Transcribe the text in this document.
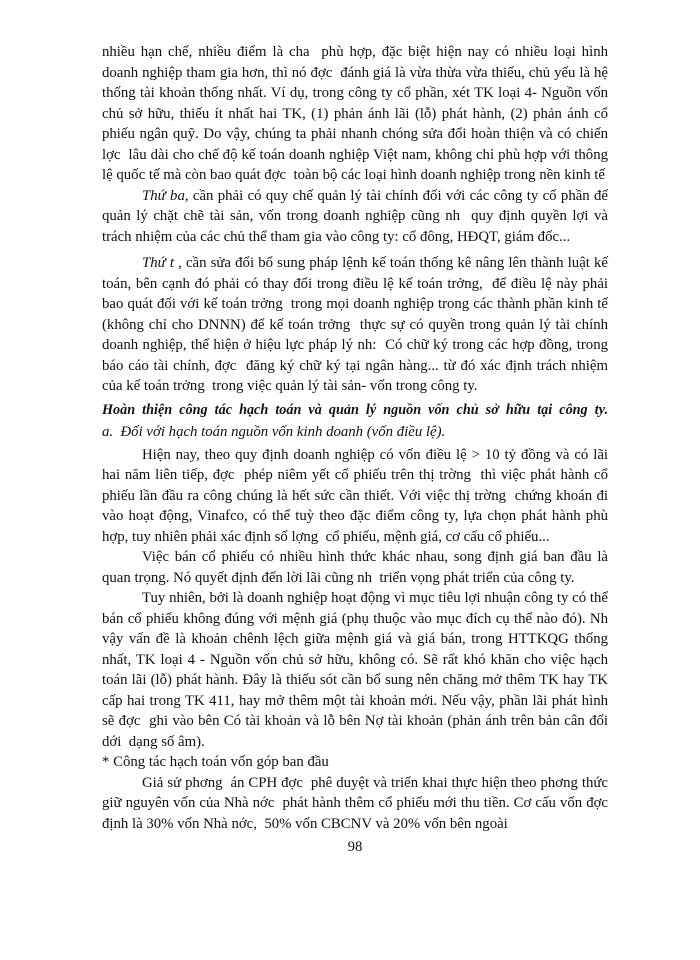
nhiều hạn chế, nhiều điểm là cha  phù hợp, đặc biệt hiện nay có nhiều loại hình doanh nghiệp tham gia hơn, thì nó đợc  đánh giá là vừa thừa vừa thiếu, chủ yếu là hệ thống tài khoản thống nhất. Ví dụ, trong công ty cổ phần, xét TK loại 4- Nguồn vốn chủ sở hữu, thiếu ít nhất hai TK, (1) phản ánh lãi (lỗ) phát hành, (2) phản ánh cổ phiếu ngân quỹ. Do vậy, chúng ta phải nhanh chóng sửa đổi hoàn thiện và có chiến lợc  lâu dài cho chế độ kế toán doanh nghiệp Việt nam, không chỉ phù hợp với thông lệ quốc tế mà còn bao quát đợc  toàn bộ các loại hình doanh nghiệp trong nền kinh tế

Thứ ba, cần phải có quy chế quản lý tài chính đối với các công ty cổ phần để quản lý chặt chẽ tài sản, vốn trong doanh nghiệp cũng nh  quy định quyền lợi và trách nhiệm của các chủ thể tham gia vào công ty: cổ đông, HĐQT, giám đốc...

Thứ t , cần sửa đổi bổ sung pháp lệnh kế toán thống kê nâng lên thành luật kế toán, bên cạnh đó phải có thay đổi trong điều lệ kế toán trởng,  để điều lệ này phải bao quát đối với kế toán trởng  trong mọi doanh nghiệp trong các thành phần kinh tế (không chỉ cho DNNN) để kế toán trởng  thực sự có quyền trong quản lý tài chính doanh nghiệp, thể hiện ở hiệu lực pháp lý nh:  Có chữ ký trong các hợp đồng, trong báo cáo tài chính, đợc  đăng ký chữ ký tại ngân hàng... từ đó xác định trách nhiệm của kế toán trởng  trong việc quản lý tài sản- vốn trong công ty.

Hoàn thiện công tác hạch toán và quản lý nguồn vốn chủ sở hữu tại công ty.

a.  Đối với hạch toán nguồn vốn kinh doanh (vốn điều lệ).

Hiện nay, theo quy định doanh nghiệp có vốn điều lệ > 10 tỷ đồng và có lãi hai năm liên tiếp, đợc  phép niêm yết cổ phiếu trên thị trờng  thì việc phát hành cổ phiếu lần đầu ra công chúng là hết sức cần thiết. Với việc thị trờng  chứng khoán đi vào hoạt động, Vinafco, có thể tuỳ theo đặc điểm công ty, lựa chọn phát hành phù hợp, tuy nhiên phải xác định số lợng  cổ phiếu, mệnh giá, cơ cấu cổ phiếu...

Việc bán cổ phiếu có nhiều hình thức khác nhau, song định giá ban đầu là quan trọng. Nó quyết định đến lời lãi cũng nh  triển vọng phát triển của công ty.

Tuy nhiên, bởi là doanh nghiệp hoạt động vì mục tiêu lợi nhuận công ty có thể bán cổ phiếu không đúng với mệnh giá (phụ thuộc vào mục đích cụ thể nào đó). Nh  vậy vấn đề là khoản chênh lệch giữa mệnh giá và giá bán, trong HTTKQG thống nhất, TK loại 4 - Nguồn vốn chủ sở hữu, không có. Sẽ rất khó khăn cho việc hạch toán lãi (lỗ) phát hành. Đây là thiếu sót cần bổ sung nên chăng mở thêm TK hay TK cấp hai trong TK 411, hay mở thêm một tài khoản mới. Nếu vậy, phần lãi phát hình sẽ đợc  ghi vào bên Có tài khoản và lỗ bên Nợ tài khoản (phản ánh trên bản cân đối dới  dạng số âm).

* Công tác hạch toán vốn góp ban đầu

Giả sử phơng  án CPH đợc  phê duyệt và triển khai thực hiện theo phơng thức giữ nguyên vốn của Nhà nớc  phát hành thêm cổ phiếu mới thu tiền. Cơ cấu vốn đợc  định là 30% vốn Nhà nớc,  50% vốn CBCNV và 20% vốn bên ngoài

98
